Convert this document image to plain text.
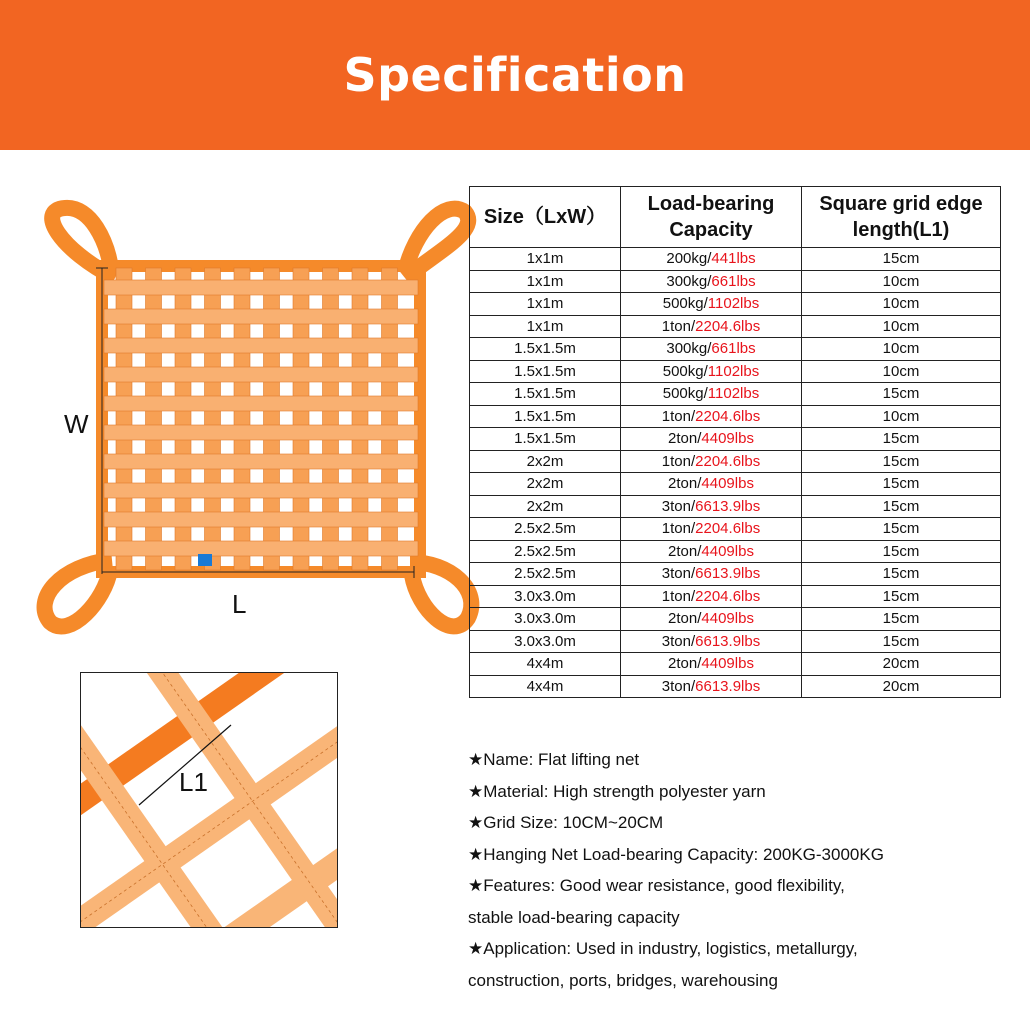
Specification
W
L
L1
Size（LxW）	Load-bearing Capacity	Square grid edge length(L1)
1x1m	200kg/441lbs	15cm
1x1m	300kg/661lbs	10cm
1x1m	500kg/1102lbs	10cm
1x1m	1ton/2204.6lbs	10cm
1.5x1.5m	300kg/661lbs	10cm
1.5x1.5m	500kg/1102lbs	10cm
1.5x1.5m	500kg/1102lbs	15cm
1.5x1.5m	1ton/2204.6lbs	10cm
1.5x1.5m	2ton/4409lbs	15cm
2x2m	1ton/2204.6lbs	15cm
2x2m	2ton/4409lbs	15cm
2x2m	3ton/6613.9lbs	15cm
2.5x2.5m	1ton/2204.6lbs	15cm
2.5x2.5m	2ton/4409lbs	15cm
2.5x2.5m	3ton/6613.9lbs	15cm
3.0x3.0m	1ton/2204.6lbs	15cm
3.0x3.0m	2ton/4409lbs	15cm
3.0x3.0m	3ton/6613.9lbs	15cm
4x4m	2ton/4409lbs	20cm
4x4m	3ton/6613.9lbs	20cm
★Name: Flat lifting net
★Material: High strength polyester yarn
★Grid Size: 10CM~20CM
★Hanging Net Load-bearing Capacity: 200KG-3000KG
★Features: Good wear resistance, good flexibility,
stable load-bearing capacity
★Application: Used in industry, logistics, metallurgy,
construction, ports, bridges, warehousing
